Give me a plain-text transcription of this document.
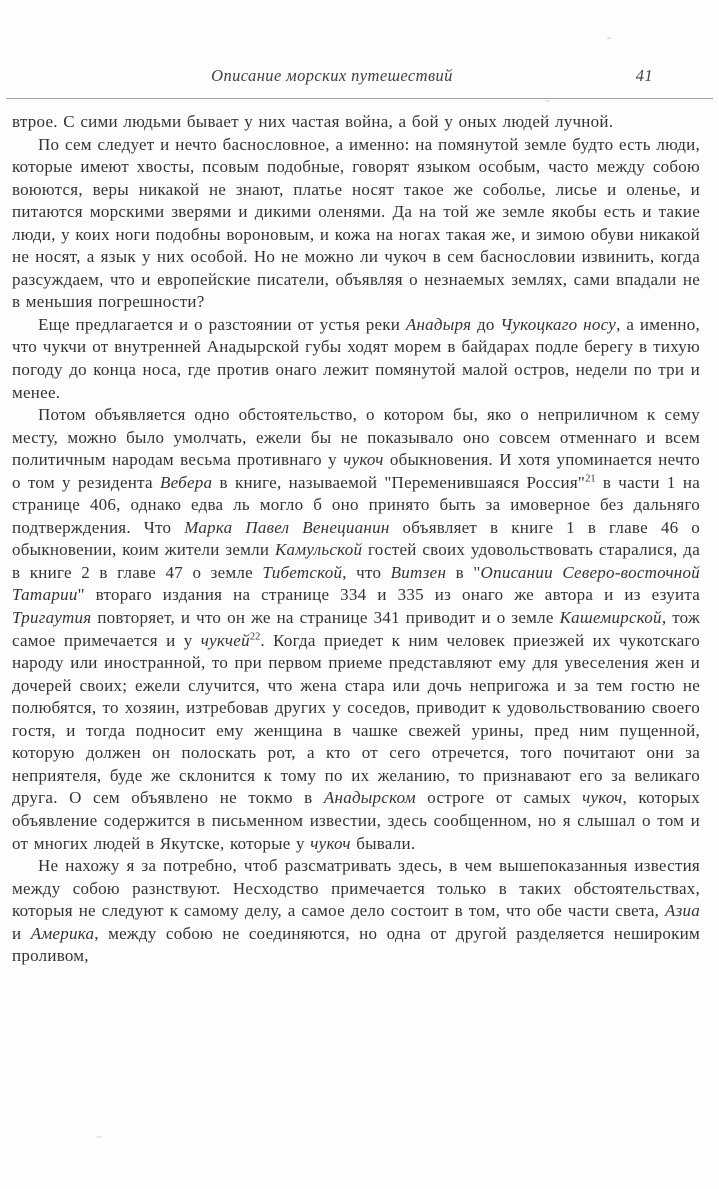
Описание морских путешествий	41

втрое. С сими людьми бывает у них частая война, а бой у оных людей лучной.

По сем следует и нечто баснословное, а именно: на помянутой земле будто есть люди, которые имеют хвосты, псовым подобные, говорят языком особым, часто между собою воюются, веры никакой не знают, платье носят такое же соболье, лисье и оленье, и питаются морскими зверями и дикими оленями. Да на той же земле якобы есть и такие люди, у коих ноги подобны вороновым, и кожа на ногах такая же, и зимою обуви никакой не носят, а язык у них особой. Но не можно ли чукоч в сем баснословии извинить, когда разсуждаем, что и европейские писатели, объявляя о незнаемых землях, сами впадали не в меньшия погрешности?

Еще предлагается и о разстоянии от устья реки Анадыря до Чукоцкаго носу, а именно, что чукчи от внутренней Анадырской губы ходят морем в байдарах подле берегу в тихую погоду до конца носа, где против онаго лежит помянутой малой остров, недели по три и менее.

Потом объявляется одно обстоятельство, о котором бы, яко о неприличном к сему месту, можно было умолчать, ежели бы не показывало оно совсем отменнаго и всем политичным народам весьма противнаго у чукоч обыкновения. И хотя упоминается нечто о том у резидента Вебера в книге, называемой "Переменившаяся Россия"$^{21}$ в части 1 на странице 406, однако едва ль могло б оно принято быть за имоверное без дальняго подтверждения. Что Марка Павел Венецианин объявляет в книге 1 в главе 46 о обыкновении, коим жители земли Камульской гостей своих удовольствовать старалися, да в книге 2 в главе 47 о земле Тибетской, что Витзен в "Описании Северо-восточной Татарии" втораго издания на странице 334 и 335 из онаго же автора и из езуита Тригаутия повторяет, и что он же на странице 341 приводит и о земле Кашемирской, тож самое примечается и у чукчей$^{22}$. Когда приедет к ним человек приезжей их чукотскаго народу или иностранной, то при первом приеме представляют ему для увеселения жен и дочерей своих; ежели случится, что жена стара или дочь непригожа и за тем гостю не полюбятся, то хозяин, изтребовав других у соседов, приводит к удовольствованию своего гостя, и тогда подносит ему женщина в чашке свежей урины, пред ним пущенной, которую должен он полоскать рот, а кто от сего отречется, того почитают они за неприятеля, буде же склонится к тому по их желанию, то признавают его за великаго друга. О сем объявлено не токмо в Анадырском остроге от самых чукоч, которых объявление содержится в письменном известии, здесь сообщенном, но я слышал о том и от многих людей в Якутске, которые у чукоч бывали.

Не нахожу я за потребно, чтоб разсматривать здесь, в чем вышепоказанныя известия между собою разнствуют. Несходство примечается только в таких обстоятельствах, которыя не следуют к самому делу, а самое дело состоит в том, что обе части света, Азиа и Америка, между собою не соединяются, но одна от другой разделяется нешироким проливом,
